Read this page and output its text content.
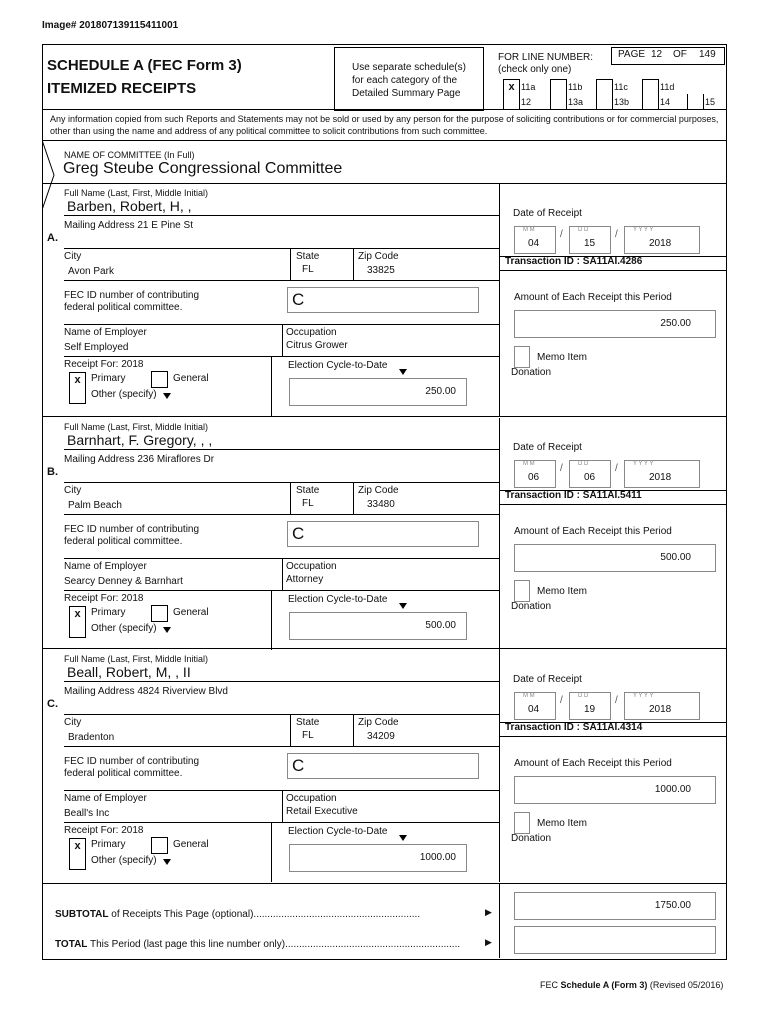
Image# 201807139115411001
SCHEDULE A (FEC Form 3)
ITEMIZED RECEIPTS
Use separate schedule(s)
for each category of the
Detailed Summary Page
FOR LINE NUMBER:
(check only one)
PAGE 12 OF 149
x 11a	11b	11c	11d
12	13a	13b	14	15
Any information copied from such Reports and Statements may not be sold or used by any person for the purpose of soliciting contributions or for commercial purposes, other than using the name and address of any political committee to solicit contributions from such committee.
NAME OF COMMITTEE (In Full)
Greg Steube Congressional Committee
A.
Full Name (Last, First, Middle Initial)
Barben, Robert, H, ,
Mailing Address 21 E Pine St
City
Avon Park
State
FL
Zip Code
33825
FEC ID number of contributing
federal political committee.	C
Name of Employer
Self Employed
Occupation
Citrus Grower
Receipt For: 2018
x	Primary	General
Other (specify)
Election Cycle-to-Date
250.00
Date of Receipt
M M
04
/	D D
15
/	Y Y Y Y
2018
Transaction ID : SA11AI.4286
Amount of Each Receipt this Period
250.00
Memo Item
Donation
B.
Full Name (Last, First, Middle Initial)
Barnhart, F. Gregory, , ,
Mailing Address 236 Miraflores Dr
City
Palm Beach
State
FL
Zip Code
33480
FEC ID number of contributing
federal political committee.	C
Name of Employer
Searcy Denney & Barnhart
Occupation
Attorney
Receipt For: 2018
x	Primary	General
Other (specify)
Election Cycle-to-Date
500.00
Date of Receipt
M M
06
/	D D
06
/	Y Y Y Y
2018
Transaction ID : SA11AI.5411
Amount of Each Receipt this Period
500.00
Memo Item
Donation
C.
Full Name (Last, First, Middle Initial)
Beall, Robert, M, , II
Mailing Address 4824 Riverview Blvd
City
Bradenton
State
FL
Zip Code
34209
FEC ID number of contributing
federal political committee.	C
Name of Employer
Beall's Inc
Occupation
Retail Executive
Receipt For: 2018
x	Primary	General
Other (specify)
Election Cycle-to-Date
1000.00
Date of Receipt
M M
04
/	D D
19
/	Y Y Y Y
2018
Transaction ID : SA11AI.4314
Amount of Each Receipt this Period
1000.00
Memo Item
Donation
SUBTOTAL of Receipts This Page (optional)............................................................
TOTAL This Period (last page this line number only)...............................................................
▶
▶
1750.00
FEC Schedule A (Form 3) (Revised 05/2016)
